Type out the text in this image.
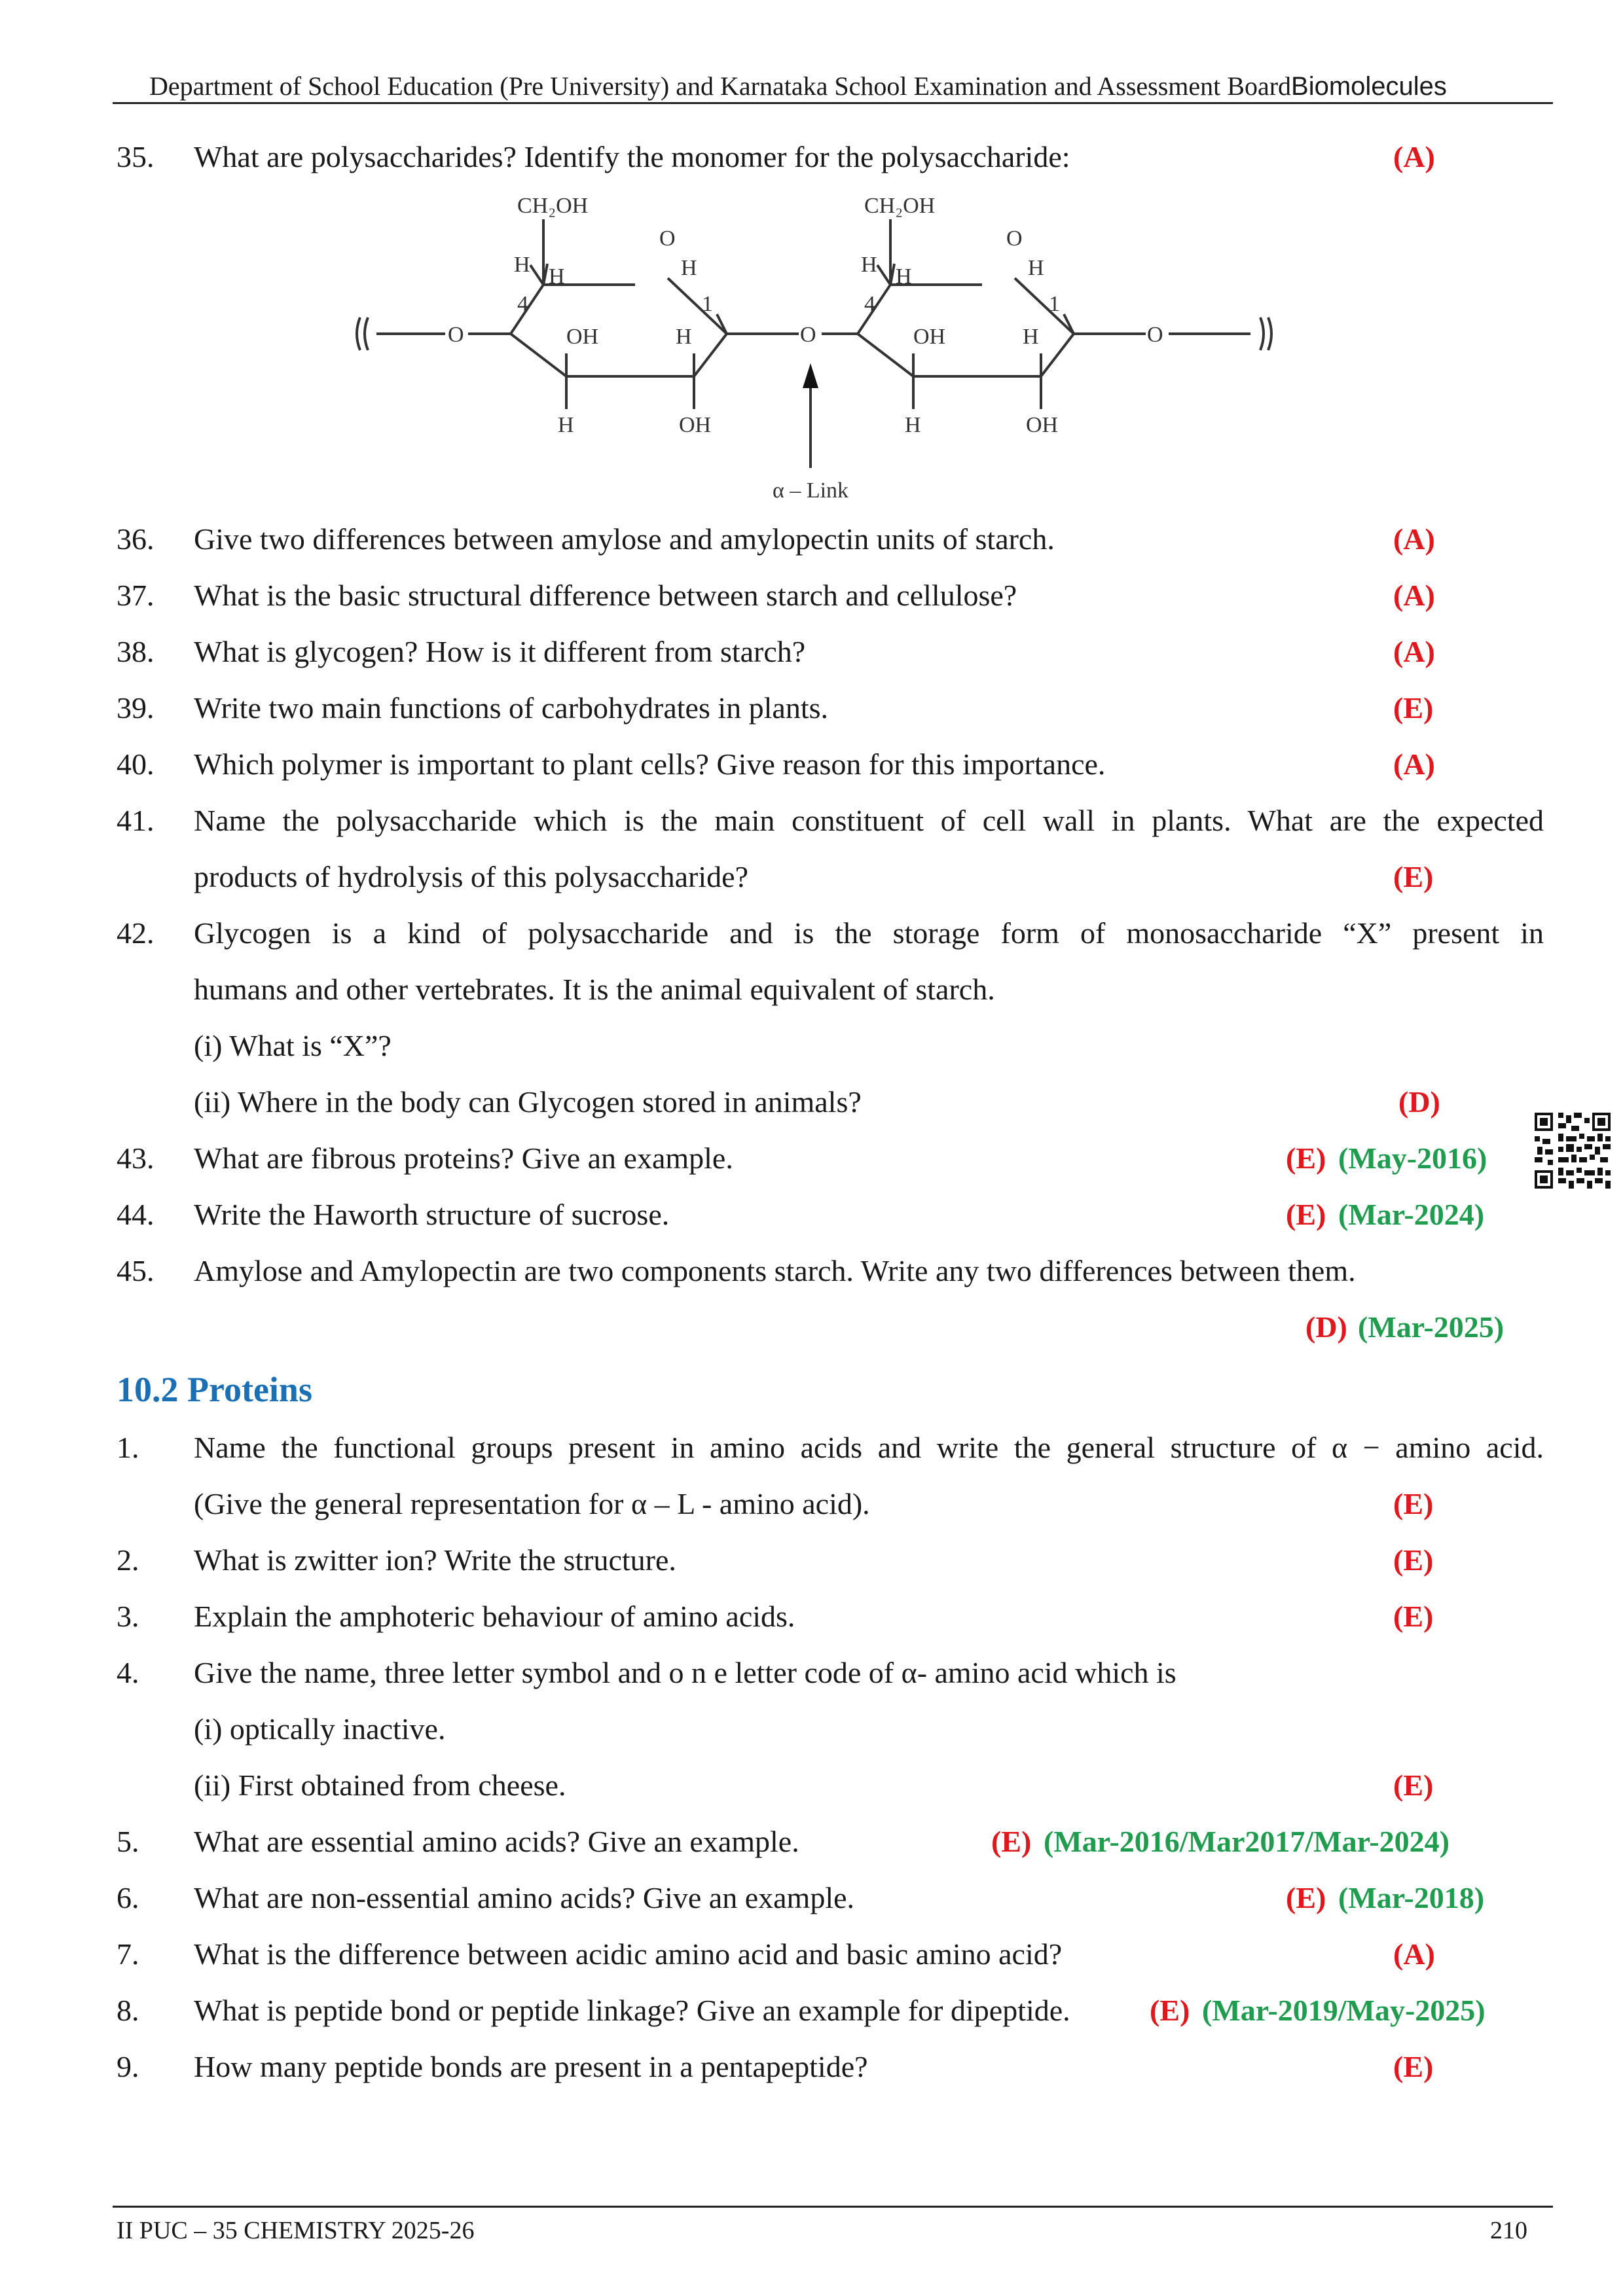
Department of School Education (Pre University) and Karnataka School Examination and Assessment BoardBiomolecules
35. What are polysaccharides? Identify the monomer for the polysaccharide:	(A)
CH₂OH
O
H H	H
4	1
O	OH	H
H	OH
O
CH₂OH
O
H H	H
4	1
OH	H
H	OH
O
α – Link
36. Give two differences between amylose and amylopectin units of starch.	(A)
37. What is the basic structural difference between starch and cellulose?	(A)
38. What is glycogen? How is it different from starch?	(A)
39. Write two main functions of carbohydrates in plants.	(E)
40. Which polymer is important to plant cells? Give reason for this importance.	(A)
41. Name the polysaccharide which is the main constituent of cell wall in plants. What are the expected
products of hydrolysis of this polysaccharide?	(E)
42. Glycogen is a kind of polysaccharide and is the storage form of monosaccharide “X” present in
humans and other vertebrates. It is the animal equivalent of starch.
(i) What is “X”?
(ii) Where in the body can Glycogen stored in animals?	(D)
43. What are fibrous proteins? Give an example.	(E) (May-2016)
44. Write the Haworth structure of sucrose.	(E) (Mar-2024)
45. Amylose and Amylopectin are two components starch. Write any two differences between them.
(D) (Mar-2025)
10.2 Proteins
1. Name the functional groups present in amino acids and write the general structure of α − amino acid.
(Give the general representation for α – L - amino acid).	(E)
2. What is zwitter ion? Write the structure.	(E)
3. Explain the amphoteric behaviour of amino acids.	(E)
4. Give the name, three letter symbol and o n e letter code of α- amino acid which is
(i) optically inactive.
(ii) First obtained from cheese.	(E)
5. What are essential amino acids? Give an example.	(E) (Mar-2016/Mar2017/Mar-2024)
6. What are non-essential amino acids? Give an example.	(E) (Mar-2018)
7. What is the difference between acidic amino acid and basic amino acid?	(A)
8. What is peptide bond or peptide linkage? Give an example for dipeptide.	(E) (Mar-2019/May-2025)
9. How many peptide bonds are present in a pentapeptide?	(E)
II PUC – 35 CHEMISTRY 2025-26	210
